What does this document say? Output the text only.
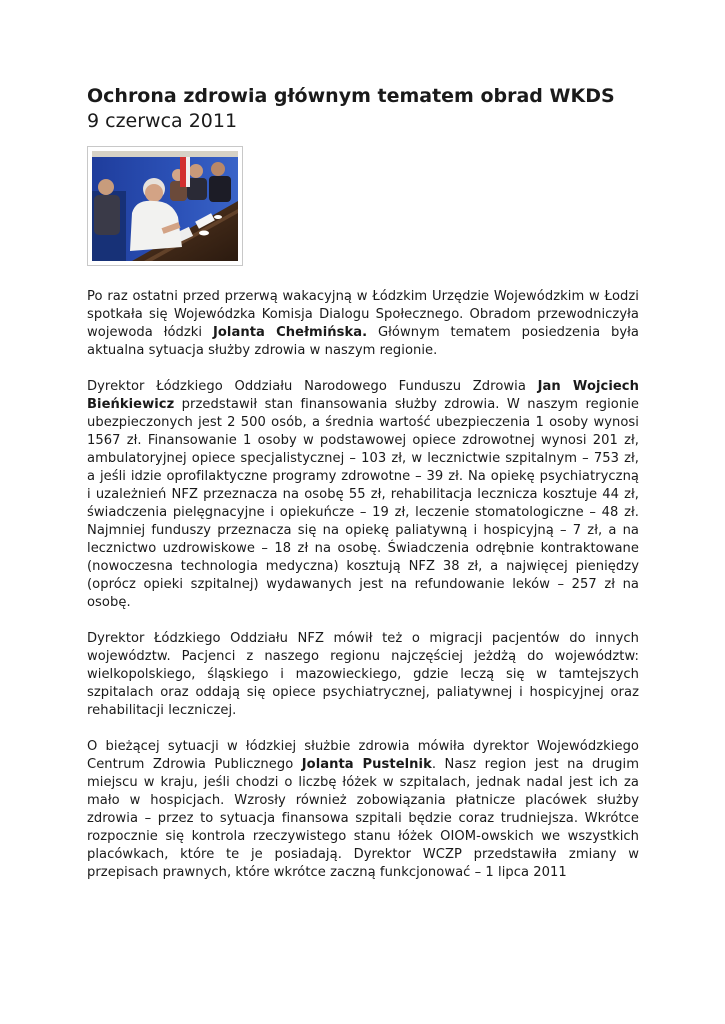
Ochrona zdrowia głównym tematem obrad WKDS
9 czerwca 2011

Po raz ostatni przed przerwą wakacyjną w Łódzkim Urzędzie Wojewódzkim w Łodzi spotkała się Wojewódzka Komisja Dialogu Społecznego. Obradom przewodniczyła wojewoda łódzki Jolanta Chełmińska. Głównym tematem posiedzenia była aktualna sytuacja służby zdrowia w naszym regionie.

Dyrektor Łódzkiego Oddziału Narodowego Funduszu Zdrowia Jan Wojciech Bieńkiewicz przedstawił stan finansowania służby zdrowia. W naszym regionie ubezpieczonych jest 2 500 osób, a średnia wartość ubezpieczenia 1 osoby wynosi 1567 zł. Finansowanie 1 osoby w podstawowej opiece zdrowotnej wynosi 201 zł, ambulatoryjnej opiece specjalistycznej – 103 zł, w lecznictwie szpitalnym – 753 zł, a jeśli idzie oprofilaktyczne programy zdrowotne – 39 zł. Na opiekę psychiatryczną i uzależnień NFZ przeznacza na osobę 55 zł, rehabilitacja lecznicza kosztuje 44 zł, świadczenia pielęgnacyjne i opiekuńcze – 19 zł, leczenie stomatologiczne – 48 zł. Najmniej funduszy przeznacza się na opiekę paliatywną i hospicyjną – 7 zł, a na lecznictwo uzdrowiskowe – 18 zł na osobę. Świadczenia odrębnie kontraktowane (nowoczesna technologia medyczna) kosztują NFZ 38 zł, a najwięcej pieniędzy (oprócz opieki szpitalnej) wydawanych jest na refundowanie leków – 257 zł na osobę.

Dyrektor Łódzkiego Oddziału NFZ mówił też o migracji pacjentów do innych województw. Pacjenci z naszego regionu najczęściej jeżdżą do województw: wielkopolskiego, śląskiego i mazowieckiego, gdzie leczą się w tamtejszych szpitalach oraz oddają się opiece psychiatrycznej, paliatywnej i hospicyjnej oraz rehabilitacji leczniczej.

O bieżącej sytuacji w łódzkiej służbie zdrowia mówiła dyrektor Wojewódzkiego Centrum Zdrowia Publicznego Jolanta Pustelnik. Nasz region jest na drugim miejscu w kraju, jeśli chodzi o liczbę łóżek w szpitalach, jednak nadal jest ich za mało w hospicjach. Wzrosły również zobowiązania płatnicze placówek służby zdrowia – przez to sytuacja finansowa szpitali będzie coraz trudniejsza. Wkrótce rozpocznie się kontrola rzeczywistego stanu łóżek OIOM-owskich we wszystkich placówkach, które te je posiadają. Dyrektor WCZP przedstawiła zmiany w przepisach prawnych, które wkrótce zaczną funkcjonować – 1 lipca 2011
